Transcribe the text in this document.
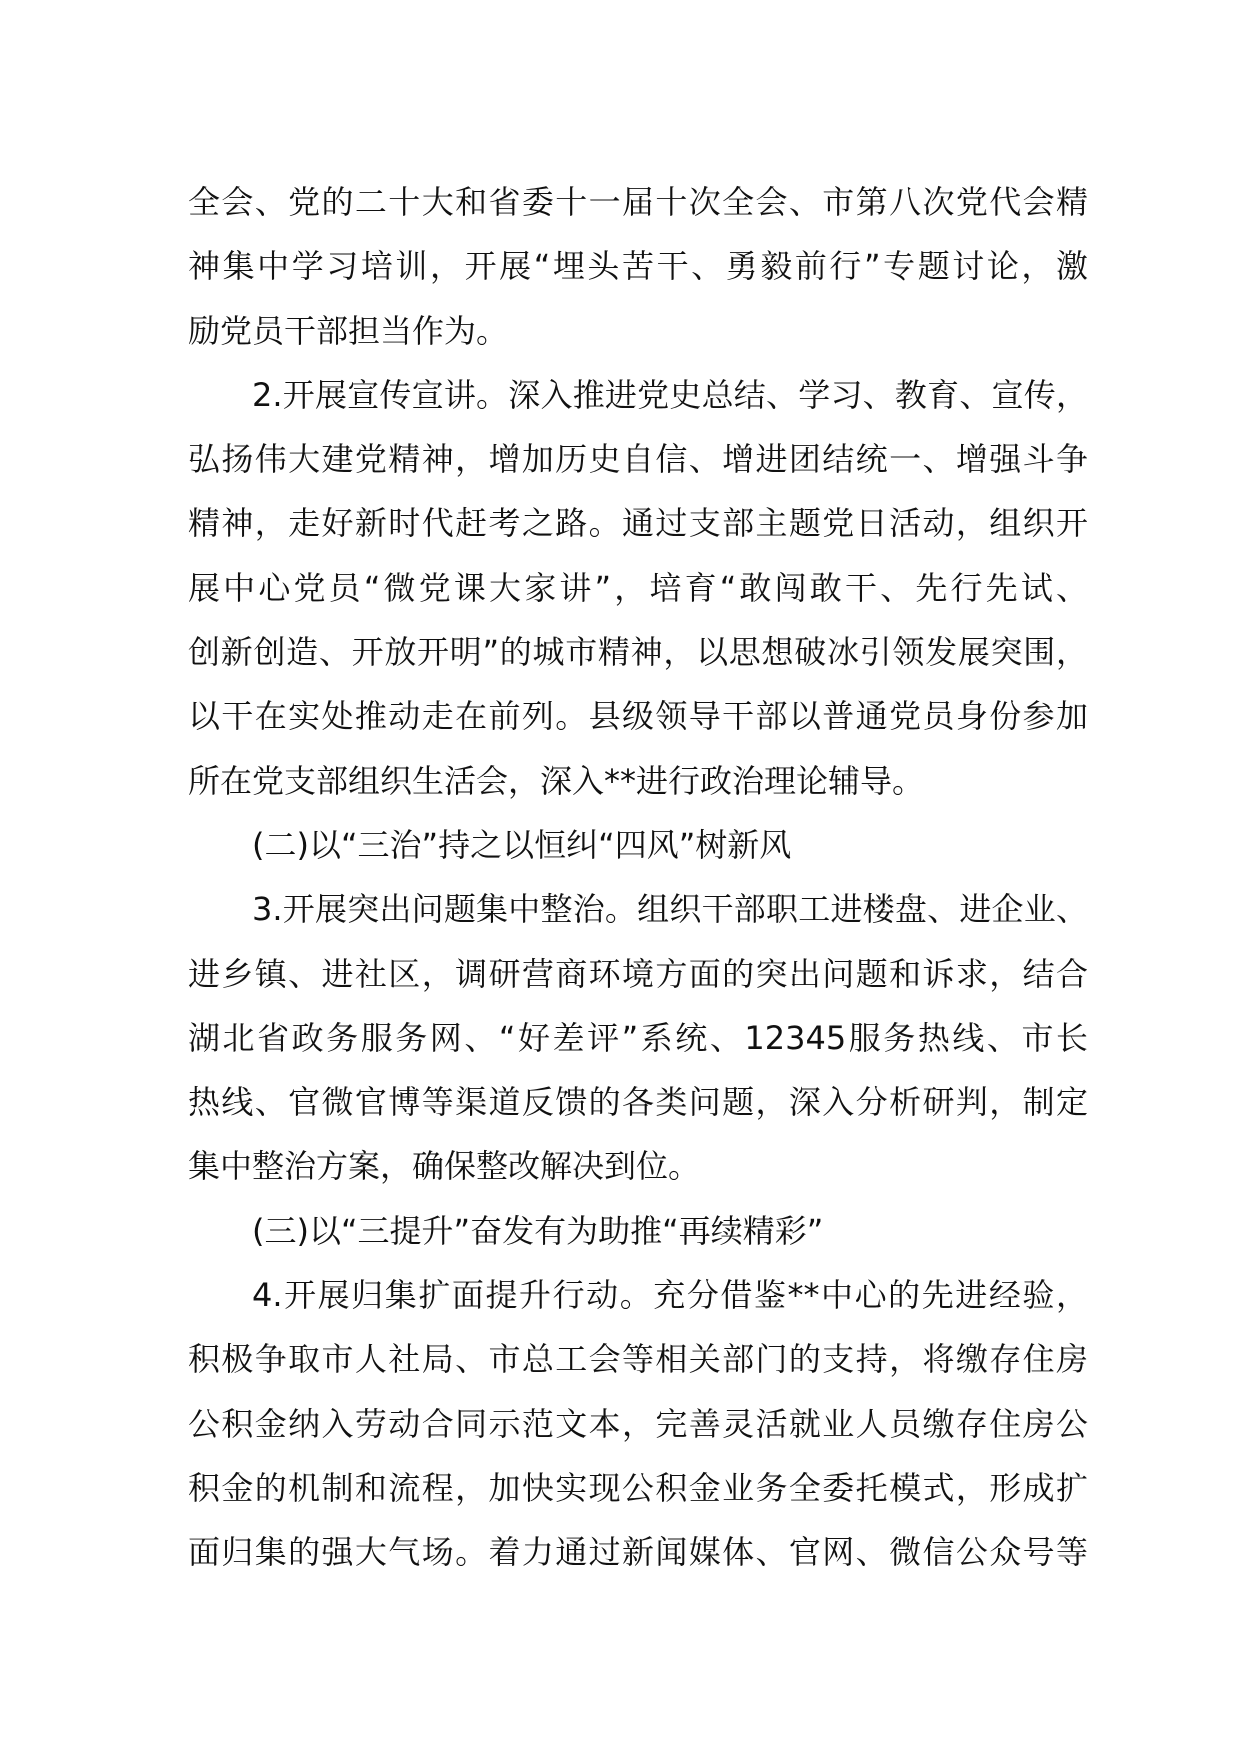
全会、党的二十大和省委十一届十次全会、市第八次党代会精
神集中学习培训，开展“埋头苦干、勇毅前行”专题讨论，激
励党员干部担当作为。
2.开展宣传宣讲。深入推进党史总结、学习、教育、宣传，
弘扬伟大建党精神，增加历史自信、增进团结统一、增强斗争
精神，走好新时代赶考之路。通过支部主题党日活动，组织开
展中心党员“微党课大家讲”，培育“敢闯敢干、先行先试、
创新创造、开放开明”的城市精神，以思想破冰引领发展突围，
以干在实处推动走在前列。县级领导干部以普通党员身份参加
所在党支部组织生活会，深入**进行政治理论辅导。
(二)以“三治”持之以恒纠“四风”树新风
3.开展突出问题集中整治。组织干部职工进楼盘、进企业、
进乡镇、进社区，调研营商环境方面的突出问题和诉求，结合
湖北省政务服务网、“好差评”系统、12345服务热线、市长
热线、官微官博等渠道反馈的各类问题，深入分析研判，制定
集中整治方案，确保整改解决到位。
(三)以“三提升”奋发有为助推“再续精彩”
4.开展归集扩面提升行动。充分借鉴**中心的先进经验，
积极争取市人社局、市总工会等相关部门的支持，将缴存住房
公积金纳入劳动合同示范文本，完善灵活就业人员缴存住房公
积金的机制和流程，加快实现公积金业务全委托模式，形成扩
面归集的强大气场。着力通过新闻媒体、官网、微信公众号等
